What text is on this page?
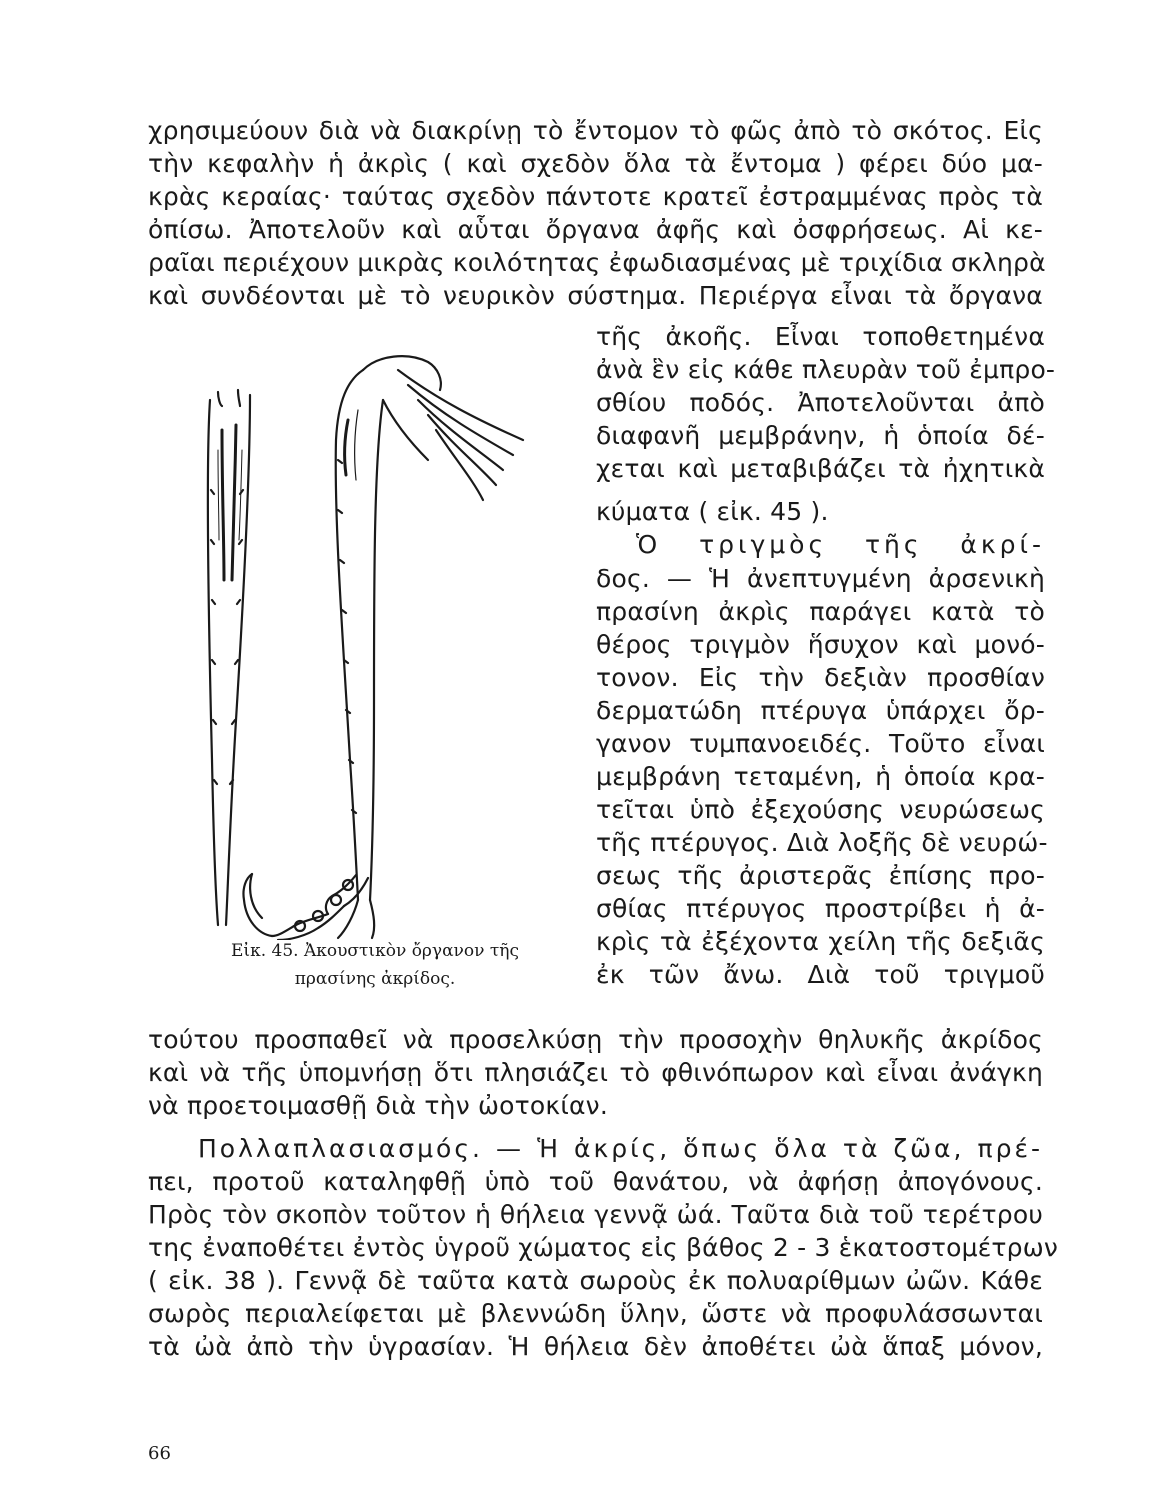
χρησιμεύουν διὰ νὰ διακρίνῃ τὸ ἔντομον τὸ φῶς ἀπὸ τὸ σκότος. Εἰς
τὴν κεφαλὴν ἡ ἀκρὶς ( καὶ σχεδὸν ὅλα τὰ ἔντομα ) φέρει δύο μα-
κρὰς κεραίας· ταύτας σχεδὸν πάντοτε κρατεῖ ἐστραμμένας πρὸς τὰ
ὀπίσω. Ἀποτελοῦν καὶ αὗται ὄργανα ἀφῆς καὶ ὀσφρήσεως. Αἱ κε-
ραῖαι περιέχουν μικρὰς κοιλότητας ἐφωδιασμένας μὲ τριχίδια σκληρὰ
καὶ συνδέονται μὲ τὸ νευρικὸν σύστημα. Περιέργα εἶναι τὰ ὄργανα
τῆς ἀκοῆς. Εἶναι τοποθετημένα
ἀνὰ ἓν εἰς κάθε πλευρὰν τοῦ ἐμπρο-
σθίου ποδός. Ἀποτελοῦνται ἀπὸ
διαφανῆ μεμβράνην, ἡ ὁποία δέ-
χεται καὶ μεταβιβάζει τὰ ἠχητικὰ
κύματα ( εἰκ. 45 ).
Ὁ τριγμὸς τῆς ἀκρί-
δος. — Ἡ ἀνεπτυγμένη ἀρσενικὴ
πρασίνη ἀκρὶς παράγει κατὰ τὸ
θέρος τριγμὸν ἥσυχον καὶ μονό-
τονον. Εἰς τὴν δεξιὰν προσθίαν
δερματώδη πτέρυγα ὑπάρχει ὄρ-
γανον τυμπανοειδές. Τοῦτο εἶναι
μεμβράνη τεταμένη, ἡ ὁποία κρα-
τεῖται ὑπὸ ἐξεχούσης νευρώσεως
τῆς πτέρυγος. Διὰ λοξῆς δὲ νευρώ-
σεως τῆς ἀριστερᾶς ἐπίσης προ-
σθίας πτέρυγος προστρίβει ἡ ἀ-
κρὶς τὰ ἐξέχοντα χείλη τῆς δεξιᾶς
ἐκ τῶν ἄνω. Διὰ τοῦ τριγμοῦ
Εἰκ. 45. Ἀκουστικὸν ὄργανον τῆς
πρασίνης ἀκρίδος.
τούτου προσπαθεῖ νὰ προσελκύσῃ τὴν προσοχὴν θηλυκῆς ἀκρίδος
καὶ νὰ τῆς ὑπομνήσῃ ὅτι πλησιάζει τὸ φθινόπωρον καὶ εἶναι ἀνάγκη
νὰ προετοιμασθῇ διὰ τὴν ὠοτοκίαν.
Πολλαπλασιασμός. — Ἡ ἀκρίς, ὅπως ὅλα τὰ ζῶα, πρέ-
πει, προτοῦ καταληφθῇ ὑπὸ τοῦ θανάτου, νὰ ἀφήσῃ ἀπογόνους.
Πρὸς τὸν σκοπὸν τοῦτον ἡ θήλεια γεννᾷ ὠά. Ταῦτα διὰ τοῦ τερέτρου
της ἐναποθέτει ἐντὸς ὑγροῦ χώματος εἰς βάθος 2 - 3 ἑκατοστομέτρων
( εἰκ. 38 ). Γεννᾷ δὲ ταῦτα κατὰ σωροὺς ἐκ πολυαρίθμων ὠῶν. Κάθε
σωρὸς περιαλείφεται μὲ βλεννώδη ὕλην, ὥστε νὰ προφυλάσσωνται
τὰ ὠὰ ἀπὸ τὴν ὑγρασίαν. Ἡ θήλεια δὲν ἀποθέτει ὠὰ ἅπαξ μόνον,
66
